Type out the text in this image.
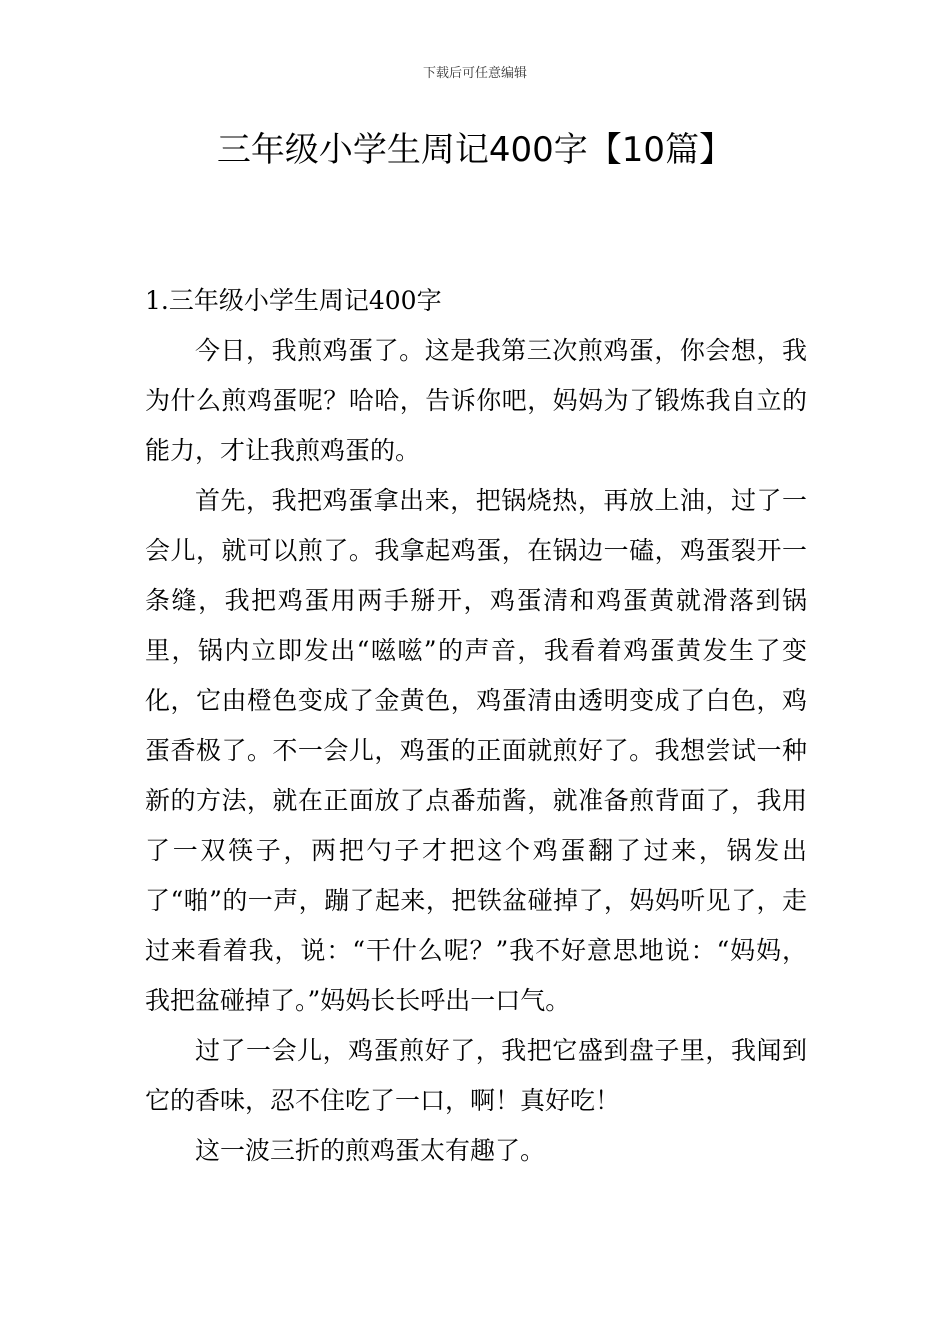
下载后可任意编辑
三年级小学生周记400字【10篇】

1.三年级小学生周记400字

今日，我煎鸡蛋了。这是我第三次煎鸡蛋，你会想，我为什么煎鸡蛋呢？哈哈，告诉你吧，妈妈为了锻炼我自立的能力，才让我煎鸡蛋的。

首先，我把鸡蛋拿出来，把锅烧热，再放上油，过了一会儿，就可以煎了。我拿起鸡蛋，在锅边一磕，鸡蛋裂开一条缝，我把鸡蛋用两手掰开，鸡蛋清和鸡蛋黄就滑落到锅里，锅内立即发出“嗞嗞”的声音，我看着鸡蛋黄发生了变化，它由橙色变成了金黄色，鸡蛋清由透明变成了白色，鸡蛋香极了。不一会儿，鸡蛋的正面就煎好了。我想尝试一种新的方法，就在正面放了点番茄酱，就准备煎背面了，我用了一双筷子，两把勺子才把这个鸡蛋翻了过来，锅发出了“啪”的一声，蹦了起来，把铁盆碰掉了，妈妈听见了，走过来看着我，说：“干什么呢？”我不好意思地说：“妈妈，我把盆碰掉了。”妈妈长长呼出一口气。

过了一会儿，鸡蛋煎好了，我把它盛到盘子里，我闻到它的香味，忍不住吃了一口，啊！真好吃！

这一波三折的煎鸡蛋太有趣了。
